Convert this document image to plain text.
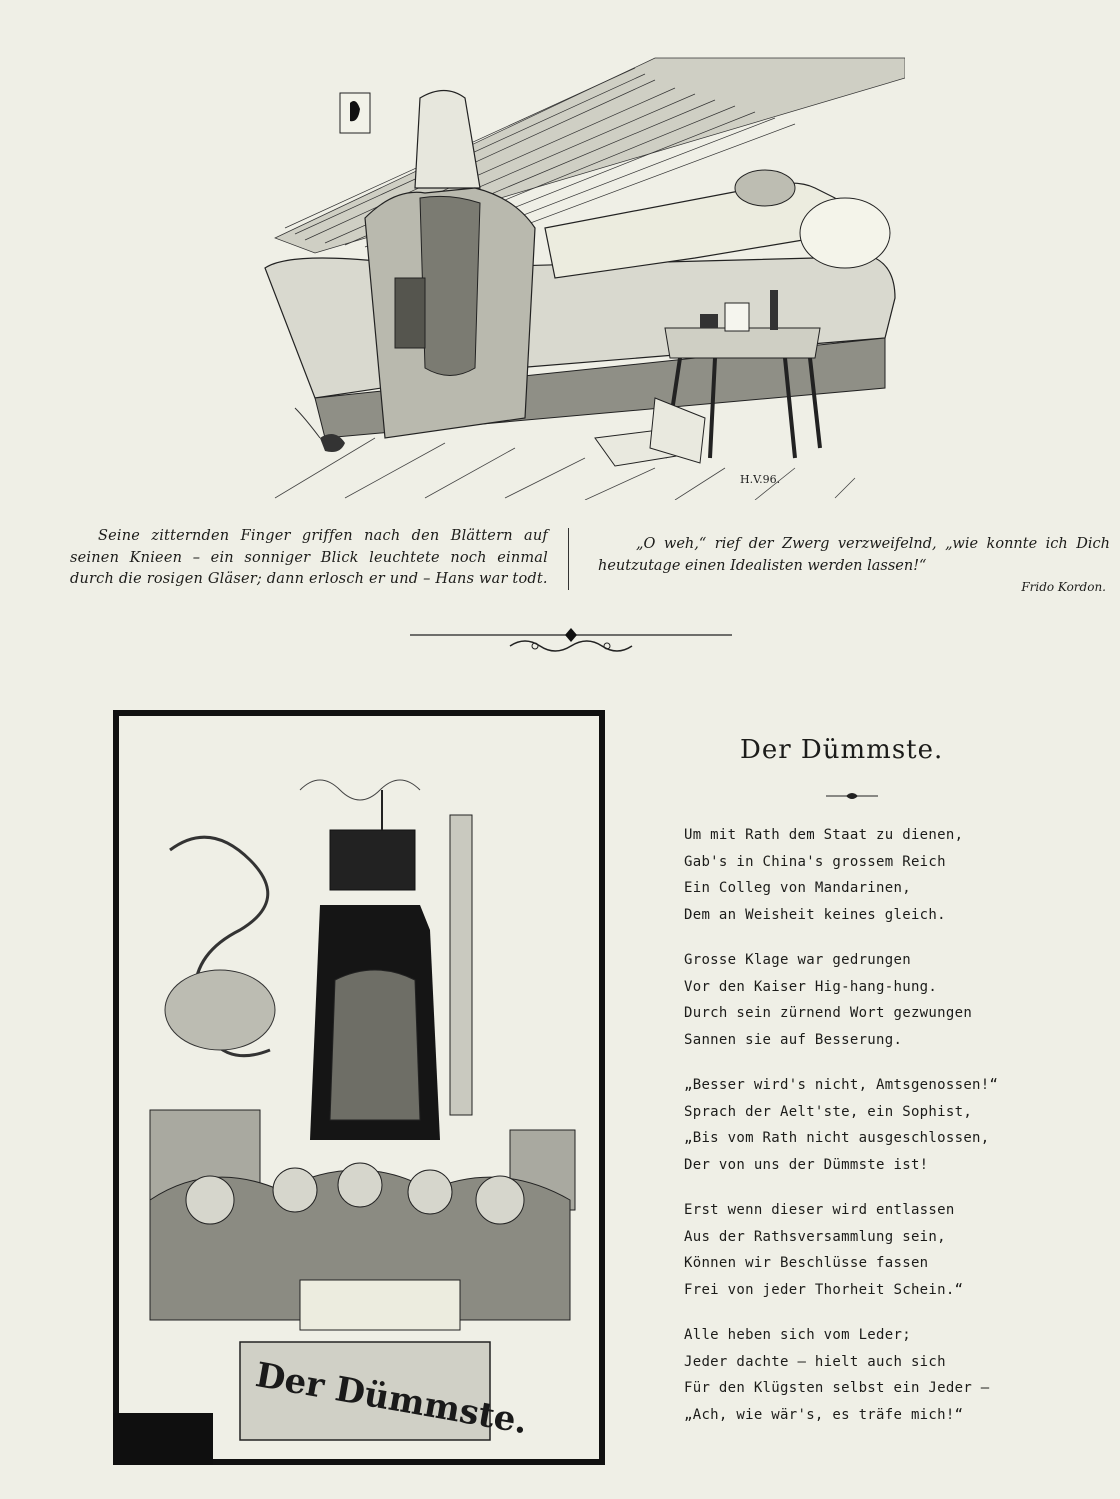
H.V.96.
Seine zitternden Finger griffen nach den Blättern auf seinen Knieen – ein sonniger Blick leuchtete noch einmal durch die rosigen Gläser; dann erlosch er und – Hans war todt.
„O weh,“ rief der Zwerg verzweifelnd, „wie konnte ich Dich heutzutage einen Idealisten werden lassen!“
Frido Kordon.
Der Dümmste.
Der Dümmste.
Um mit Rath dem Staat zu dienen,
Gab's in China's grossem Reich
Ein Colleg von Mandarinen,
Dem an Weisheit keines gleich.
Grosse Klage war gedrungen
Vor den Kaiser Hig-hang-hung.
Durch sein zürnend Wort gezwungen
Sannen sie auf Besserung.
„Besser wird's nicht, Amtsgenossen!“
Sprach der Aelt'ste, ein Sophist,
„Bis vom Rath nicht ausgeschlossen,
Der von uns der Dümmste ist!
Erst wenn dieser wird entlassen
Aus der Rathsversammlung sein,
Können wir Beschlüsse fassen
Frei von jeder Thorheit Schein.“
Alle heben sich vom Leder;
Jeder dachte — hielt auch sich
Für den Klügsten selbst ein Jeder —
„Ach, wie wär's, es träfe mich!“
